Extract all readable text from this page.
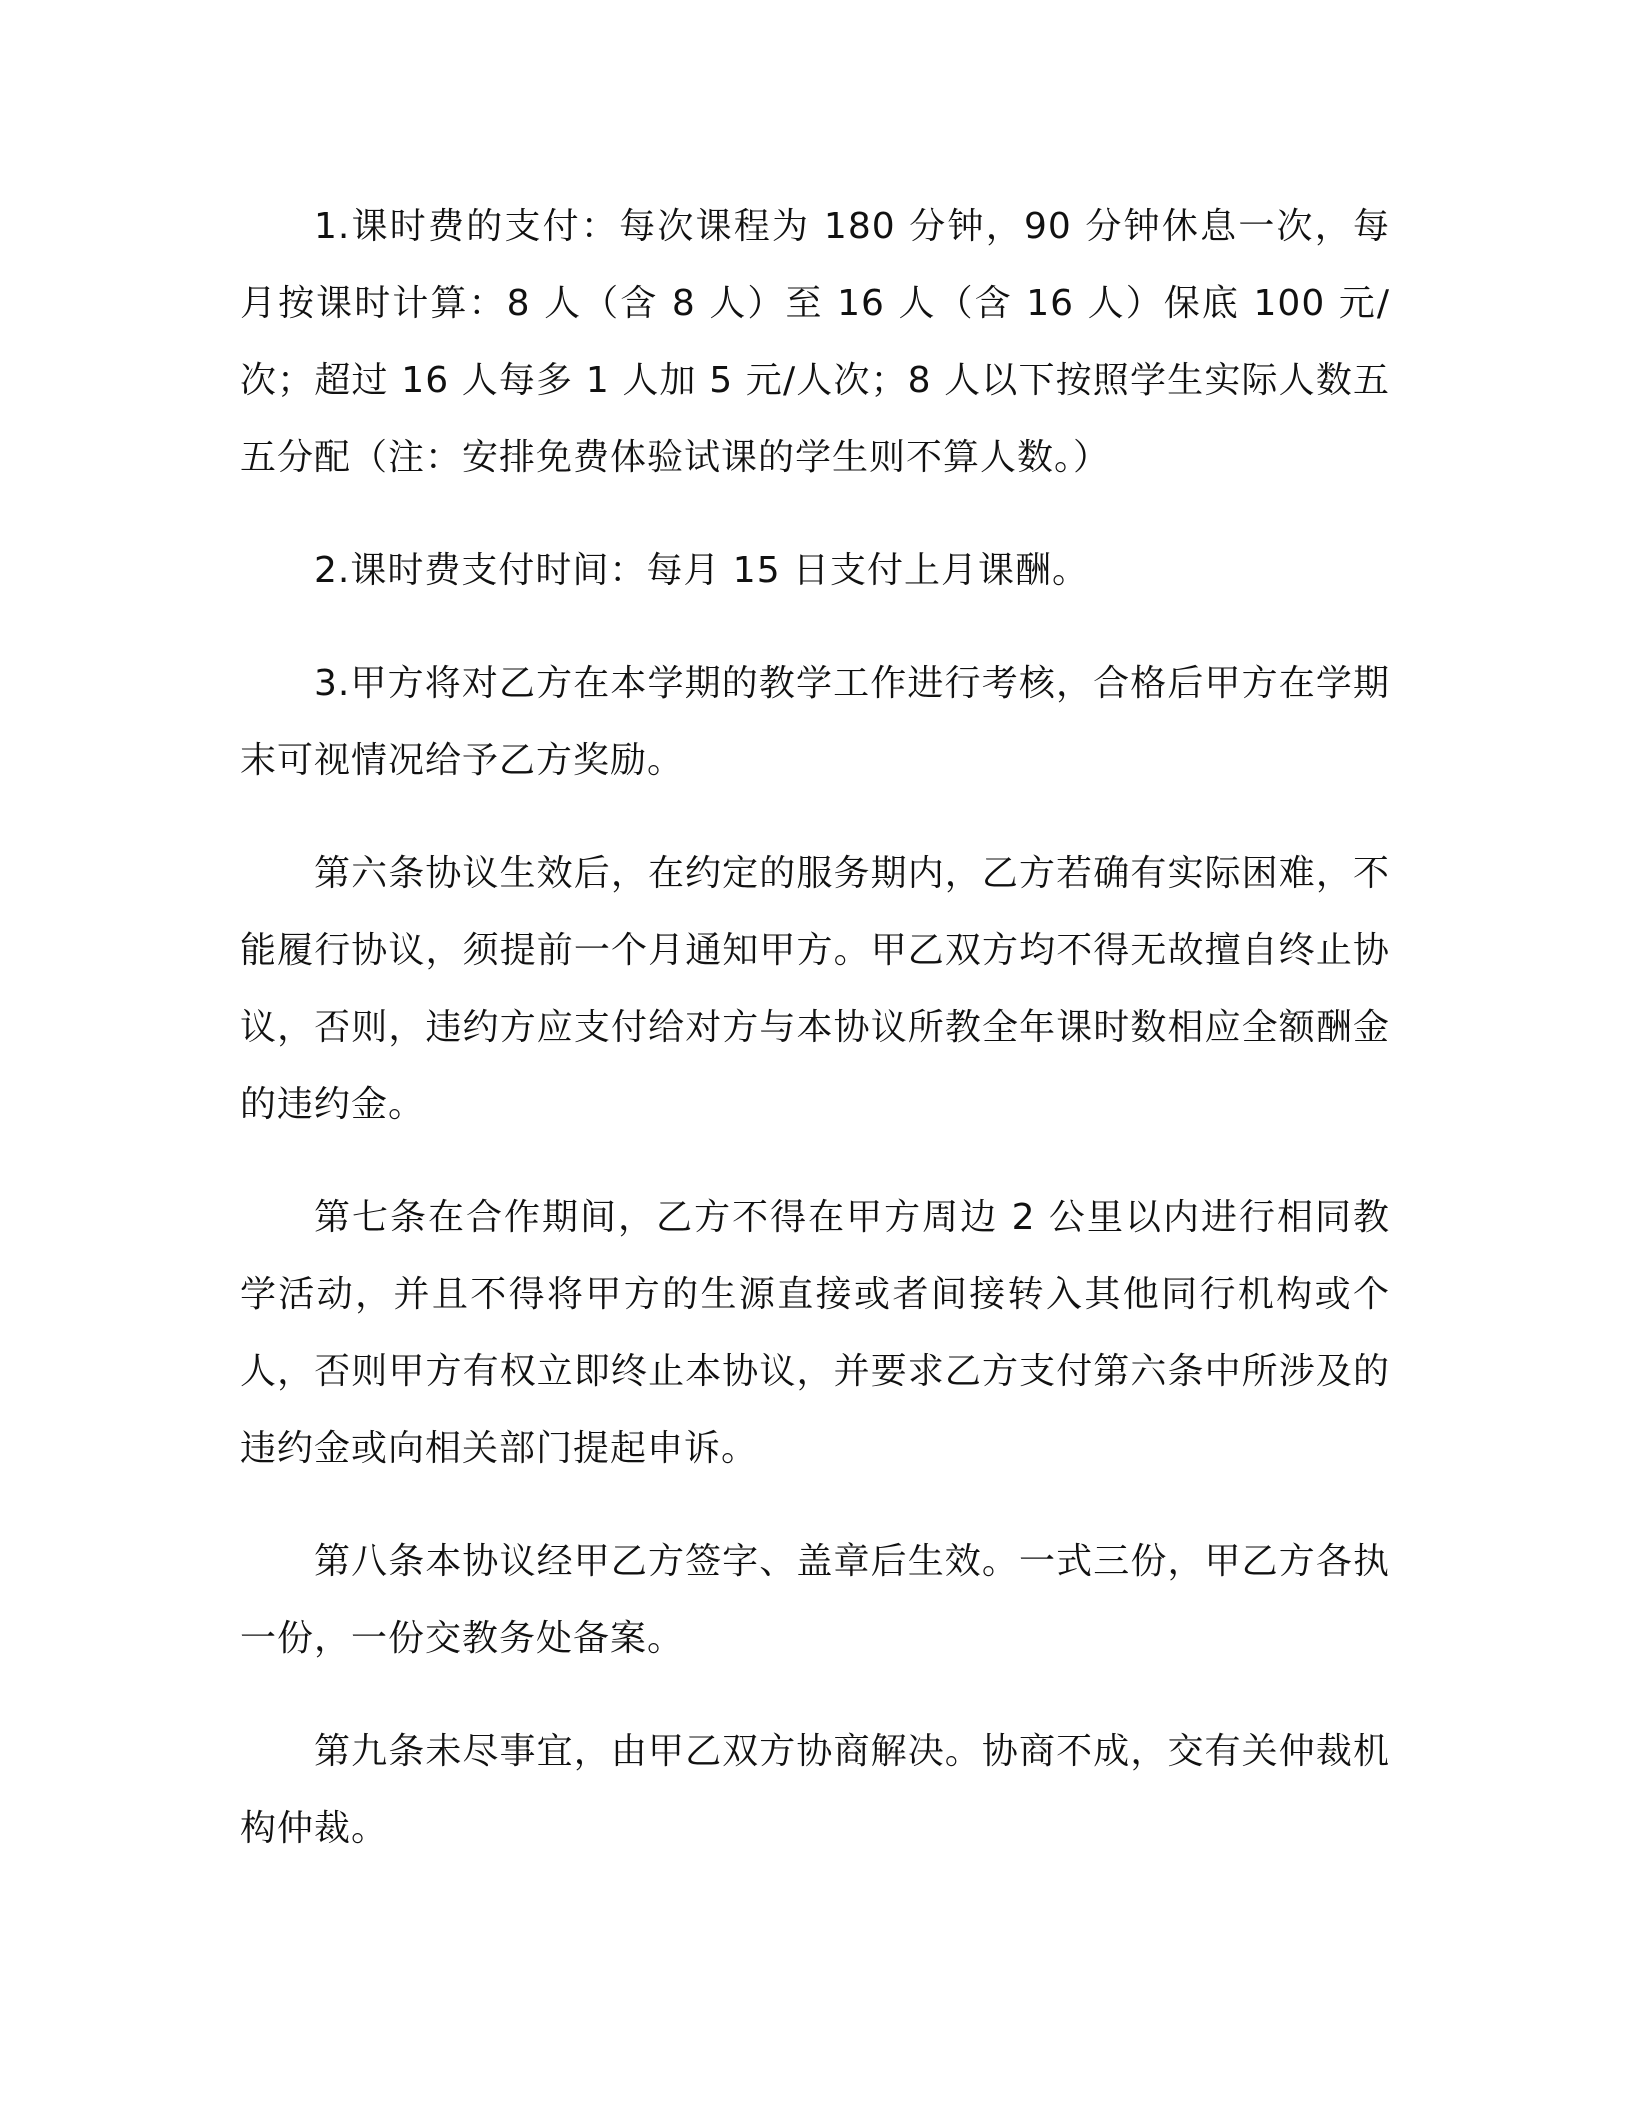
1.课时费的支付：每次课程为 180 分钟，90 分钟休息一次，每月按课时计算：8 人（含 8 人）至 16 人（含 16 人）保底 100 元/次；超过 16 人每多 1 人加 5 元/人次；8 人以下按照学生实际人数五五分配（注：安排免费体验试课的学生则不算人数。）

2.课时费支付时间：每月 15 日支付上月课酬。

3.甲方将对乙方在本学期的教学工作进行考核，合格后甲方在学期末可视情况给予乙方奖励。

第六条协议生效后，在约定的服务期内，乙方若确有实际困难，不能履行协议，须提前一个月通知甲方。甲乙双方均不得无故擅自终止协议，否则，违约方应支付给对方与本协议所教全年课时数相应全额酬金的违约金。

第七条在合作期间，乙方不得在甲方周边 2 公里以内进行相同教学活动，并且不得将甲方的生源直接或者间接转入其他同行机构或个人，否则甲方有权立即终止本协议，并要求乙方支付第六条中所涉及的违约金或向相关部门提起申诉。

第八条本协议经甲乙方签字、盖章后生效。一式三份，甲乙方各执一份，一份交教务处备案。

第九条未尽事宜，由甲乙双方协商解决。协商不成，交有关仲裁机构仲裁。
